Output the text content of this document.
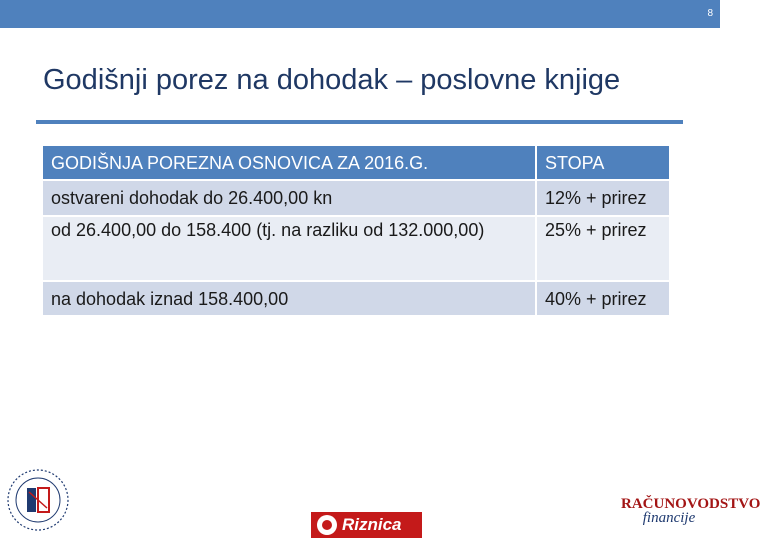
8
Godišnji porez na dohodak – poslovne knjige
GODIŠNJA POREZNA OSNOVICA ZA 2016.G.	STOPA
ostvareni dohodak do 26.400,00 kn	12% + prirez
od 26.400,00 do 158.400 (tj. na razliku od 132.000,00)	25% + prirez
na dohodak iznad 158.400,00	40% + prirez
Riznica
RAČUNOVODSTVO
financije
